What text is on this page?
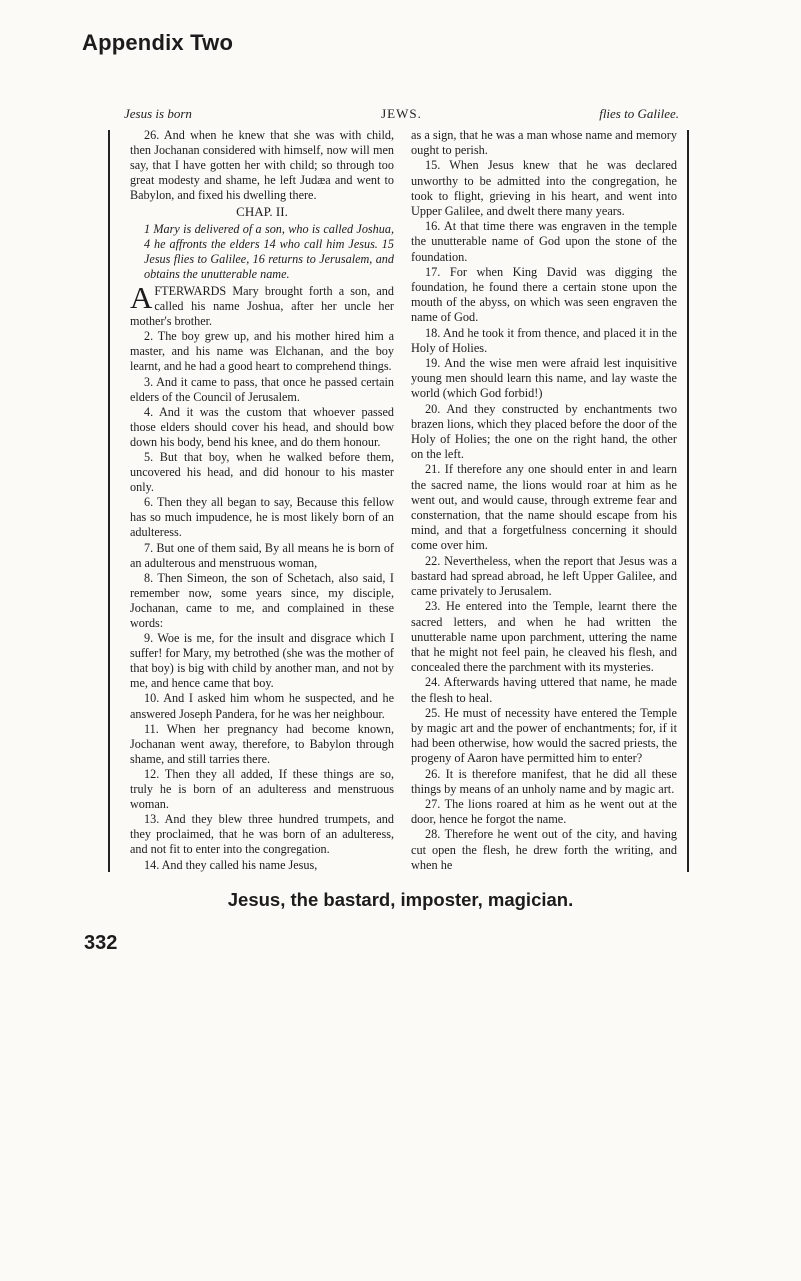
Appendix Two
Jesus is born	JEWS.	flies to Galilee.

26. And when he knew that she was with child, then Jochanan considered with himself, now will men say, that I have gotten her with child; so through too great modesty and shame, he left Judæa and went to Babylon, and fixed his dwelling there.

CHAP. II.

1 Mary is delivered of a son, who is called Joshua, 4 he affronts the elders 14 who call him Jesus. 15 Jesus flies to Galilee, 16 returns to Jerusalem, and obtains the unutterable name.

AFTERWARDS Mary brought forth a son, and called his name Joshua, after her uncle her mother's brother.

2. The boy grew up, and his mother hired him a master, and his name was Elchanan, and the boy learnt, and he had a good heart to comprehend things.

3. And it came to pass, that once he passed certain elders of the Council of Jerusalem.

4. And it was the custom that whoever passed those elders should cover his head, and should bow down his body, bend his knee, and do them honour.

5. But that boy, when he walked before them, uncovered his head, and did honour to his master only.

6. Then they all began to say, Because this fellow has so much impudence, he is most likely born of an adulteress.

7. But one of them said, By all means he is born of an adulterous and menstruous woman,

8. Then Simeon, the son of Schetach, also said, I remember now, some years since, my disciple, Jochanan, came to me, and complained in these words:

9. Woe is me, for the insult and disgrace which I suffer! for Mary, my betrothed (she was the mother of that boy) is big with child by another man, and not by me, and hence came that boy.

10. And I asked him whom he suspected, and he answered Joseph Pandera, for he was her neighbour.

11. When her pregnancy had become known, Jochanan went away, therefore, to Babylon through shame, and still tarries there.

12. Then they all added, If these things are so, truly he is born of an adulteress and menstruous woman.

13. And they blew three hundred trumpets, and they proclaimed, that he was born of an adulteress, and not fit to enter into the congregation.

14. And they called his name Jesus,

as a sign, that he was a man whose name and memory ought to perish.

15. When Jesus knew that he was declared unworthy to be admitted into the congregation, he took to flight, grieving in his heart, and went into Upper Galilee, and dwelt there many years.

16. At that time there was engraven in the temple the unutterable name of God upon the stone of the foundation.

17. For when King David was digging the foundation, he found there a certain stone upon the mouth of the abyss, on which was seen engraven the name of God.

18. And he took it from thence, and placed it in the Holy of Holies.

19. And the wise men were afraid lest inquisitive young men should learn this name, and lay waste the world (which God forbid!)

20. And they constructed by enchantments two brazen lions, which they placed before the door of the Holy of Holies; the one on the right hand, the other on the left.

21. If therefore any one should enter in and learn the sacred name, the lions would roar at him as he went out, and would cause, through extreme fear and consternation, that the name should escape from his mind, and that a forgetfulness concerning it should come over him.

22. Nevertheless, when the report that Jesus was a bastard had spread abroad, he left Upper Galilee, and came privately to Jerusalem.

23. He entered into the Temple, learnt there the sacred letters, and when he had written the unutterable name upon parchment, uttering the name that he might not feel pain, he cleaved his flesh, and concealed there the parchment with its mysteries.

24. Afterwards having uttered that name, he made the flesh to heal.

25. He must of necessity have entered the Temple by magic art and the power of enchantments; for, if it had been otherwise, how would the sacred priests, the progeny of Aaron have permitted him to enter?

26. It is therefore manifest, that he did all these things by means of an unholy name and by magic art.

27. The lions roared at him as he went out at the door, hence he forgot the name.

28. Therefore he went out of the city, and having cut open the flesh, he drew forth the writing, and when he

Jesus, the bastard, imposter, magician.
332
